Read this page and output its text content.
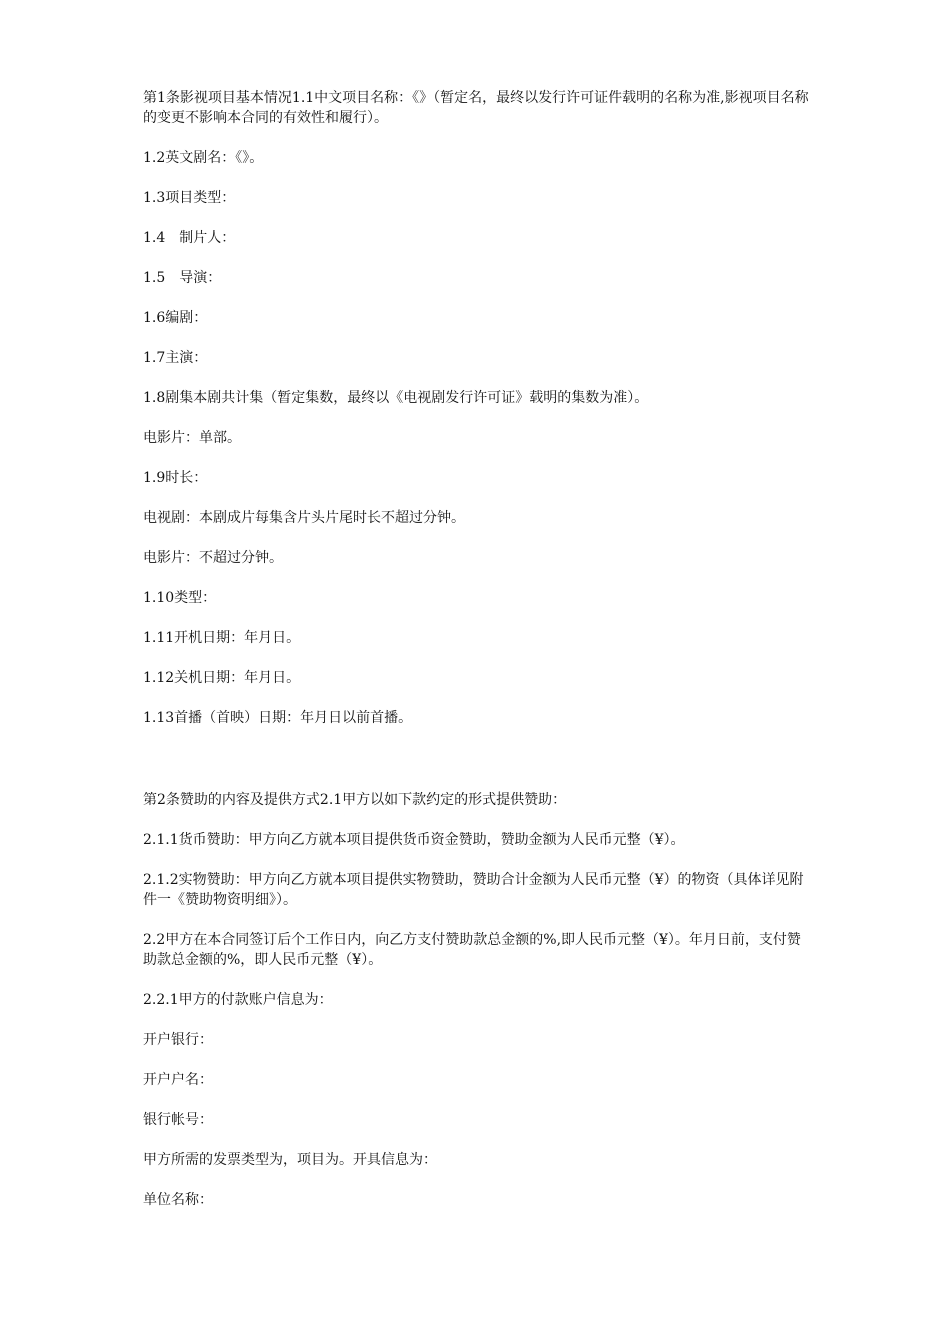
第1条影视项目基本情况1.1中文项目名称：《》（暂定名，最终以发行许可证件载明的名称为准,影视项目名称的变更不影响本合同的有效性和履行）。

1.2英文剧名：《》。

1.3项目类型：

1.4　制片人：

1.5　导演：

1.6编剧：

1.7主演：

1.8剧集本剧共计集（暂定集数，最终以《电视剧发行许可证》载明的集数为准）。

电影片：单部。

1.9时长：

电视剧：本剧成片每集含片头片尾时长不超过分钟。

电影片：不超过分钟。

1.10类型：

1.11开机日期：年月日。

1.12关机日期：年月日。

1.13首播（首映）日期：年月日以前首播。

第2条赞助的内容及提供方式2.1甲方以如下款约定的形式提供赞助：

2.1.1货币赞助：甲方向乙方就本项目提供货币资金赞助，赞助金额为人民币元整（¥）。

2.1.2实物赞助：甲方向乙方就本项目提供实物赞助，赞助合计金额为人民币元整（¥）的物资（具体详见附件一《赞助物资明细》）。

2.2甲方在本合同签订后个工作日内，向乙方支付赞助款总金额的%,即人民币元整（¥）。年月日前，支付赞助款总金额的%，即人民币元整（¥）。

2.2.1甲方的付款账户信息为：

开户银行：

开户户名：

银行帐号：

甲方所需的发票类型为，项目为。开具信息为：

单位名称：
